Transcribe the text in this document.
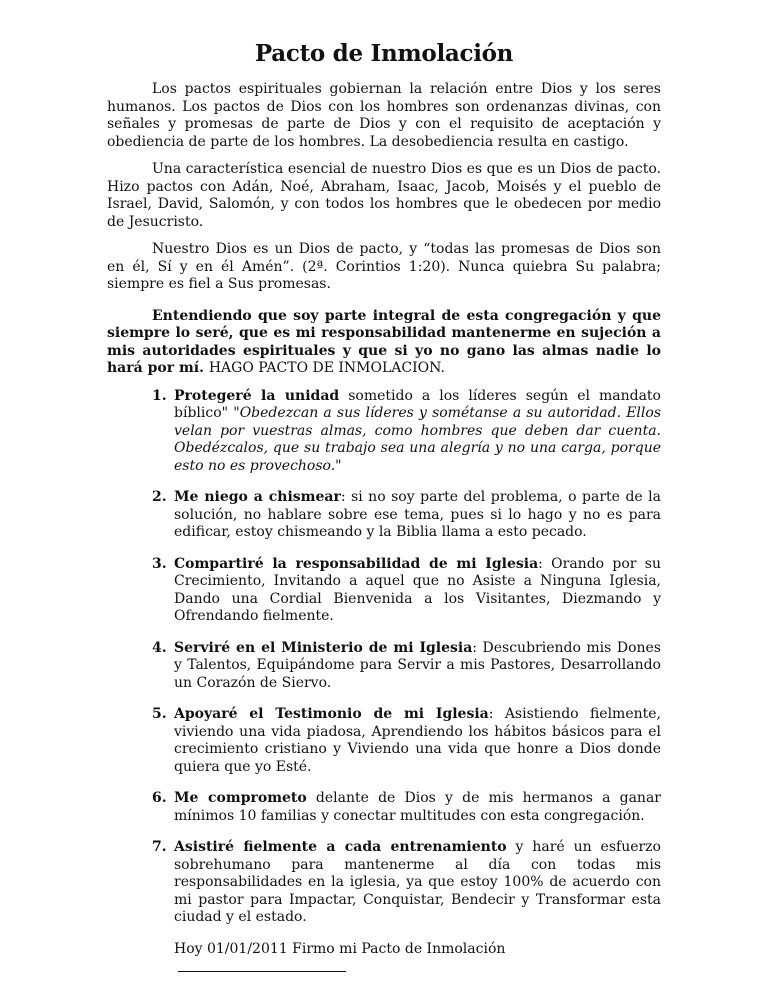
Pacto de Inmolación

Los pactos espirituales gobiernan la relación entre Dios y los seres humanos. Los pactos de Dios con los hombres son ordenanzas divinas, con señales y promesas de parte de Dios y con el requisito de aceptación y obediencia de parte de los hombres. La desobediencia resulta en castigo.

Una característica esencial de nuestro Dios es que es un Dios de pacto. Hizo pactos con Adán, Noé, Abraham, Isaac, Jacob, Moisés y el pueblo de Israel, David, Salomón, y con todos los hombres que le obedecen por medio de Jesucristo.

Nuestro Dios es un Dios de pacto, y “todas las promesas de Dios son en él, Sí y en él Amén”. (2ª. Corintios 1:20). Nunca quiebra Su palabra; siempre es fiel a Sus promesas.

Entendiendo que soy parte integral de esta congregación y que siempre lo seré, que es mi responsabilidad mantenerme en sujeción a mis autoridades espirituales y que si yo no gano las almas nadie lo hará por mí. HAGO PACTO DE INMOLACION.

1. Protegeré la unidad sometido a los líderes según el mandato bíblico" "Obedezcan a sus líderes y sométanse a su autoridad. Ellos velan por vuestras almas, como hombres que deben dar cuenta. Obedézcalos, que su trabajo sea una alegría y no una carga, porque esto no es provechoso."
2. Me niego a chismear: si no soy parte del problema, o parte de la solución, no hablare sobre ese tema, pues si lo hago y no es para edificar, estoy chismeando y la Biblia llama a esto pecado.
3. Compartiré la responsabilidad de mi Iglesia: Orando por su Crecimiento, Invitando a aquel que no Asiste a Ninguna Iglesia, Dando una Cordial Bienvenida a los Visitantes, Diezmando y Ofrendando fielmente.
4. Serviré en el Ministerio de mi Iglesia: Descubriendo mis Dones y Talentos, Equipándome para Servir a mis Pastores, Desarrollando un Corazón de Siervo.
5. Apoyaré el Testimonio de mi Iglesia: Asistiendo fielmente, viviendo una vida piadosa, Aprendiendo los hábitos básicos para el crecimiento cristiano y Viviendo una vida que honre a Dios donde quiera que yo Esté.
6. Me comprometo delante de Dios y de mis hermanos a ganar mínimos 10 familias y conectar multitudes con esta congregación.
7. Asistiré fielmente a cada entrenamiento y haré un esfuerzo sobrehumano para mantenerme al día con todas mis responsabilidades en la iglesia, ya que estoy 100% de acuerdo con mi pastor para Impactar, Conquistar, Bendecir y Transformar esta ciudad y el estado.
Hoy 01/01/2011 Firmo mi Pacto de Inmolación
